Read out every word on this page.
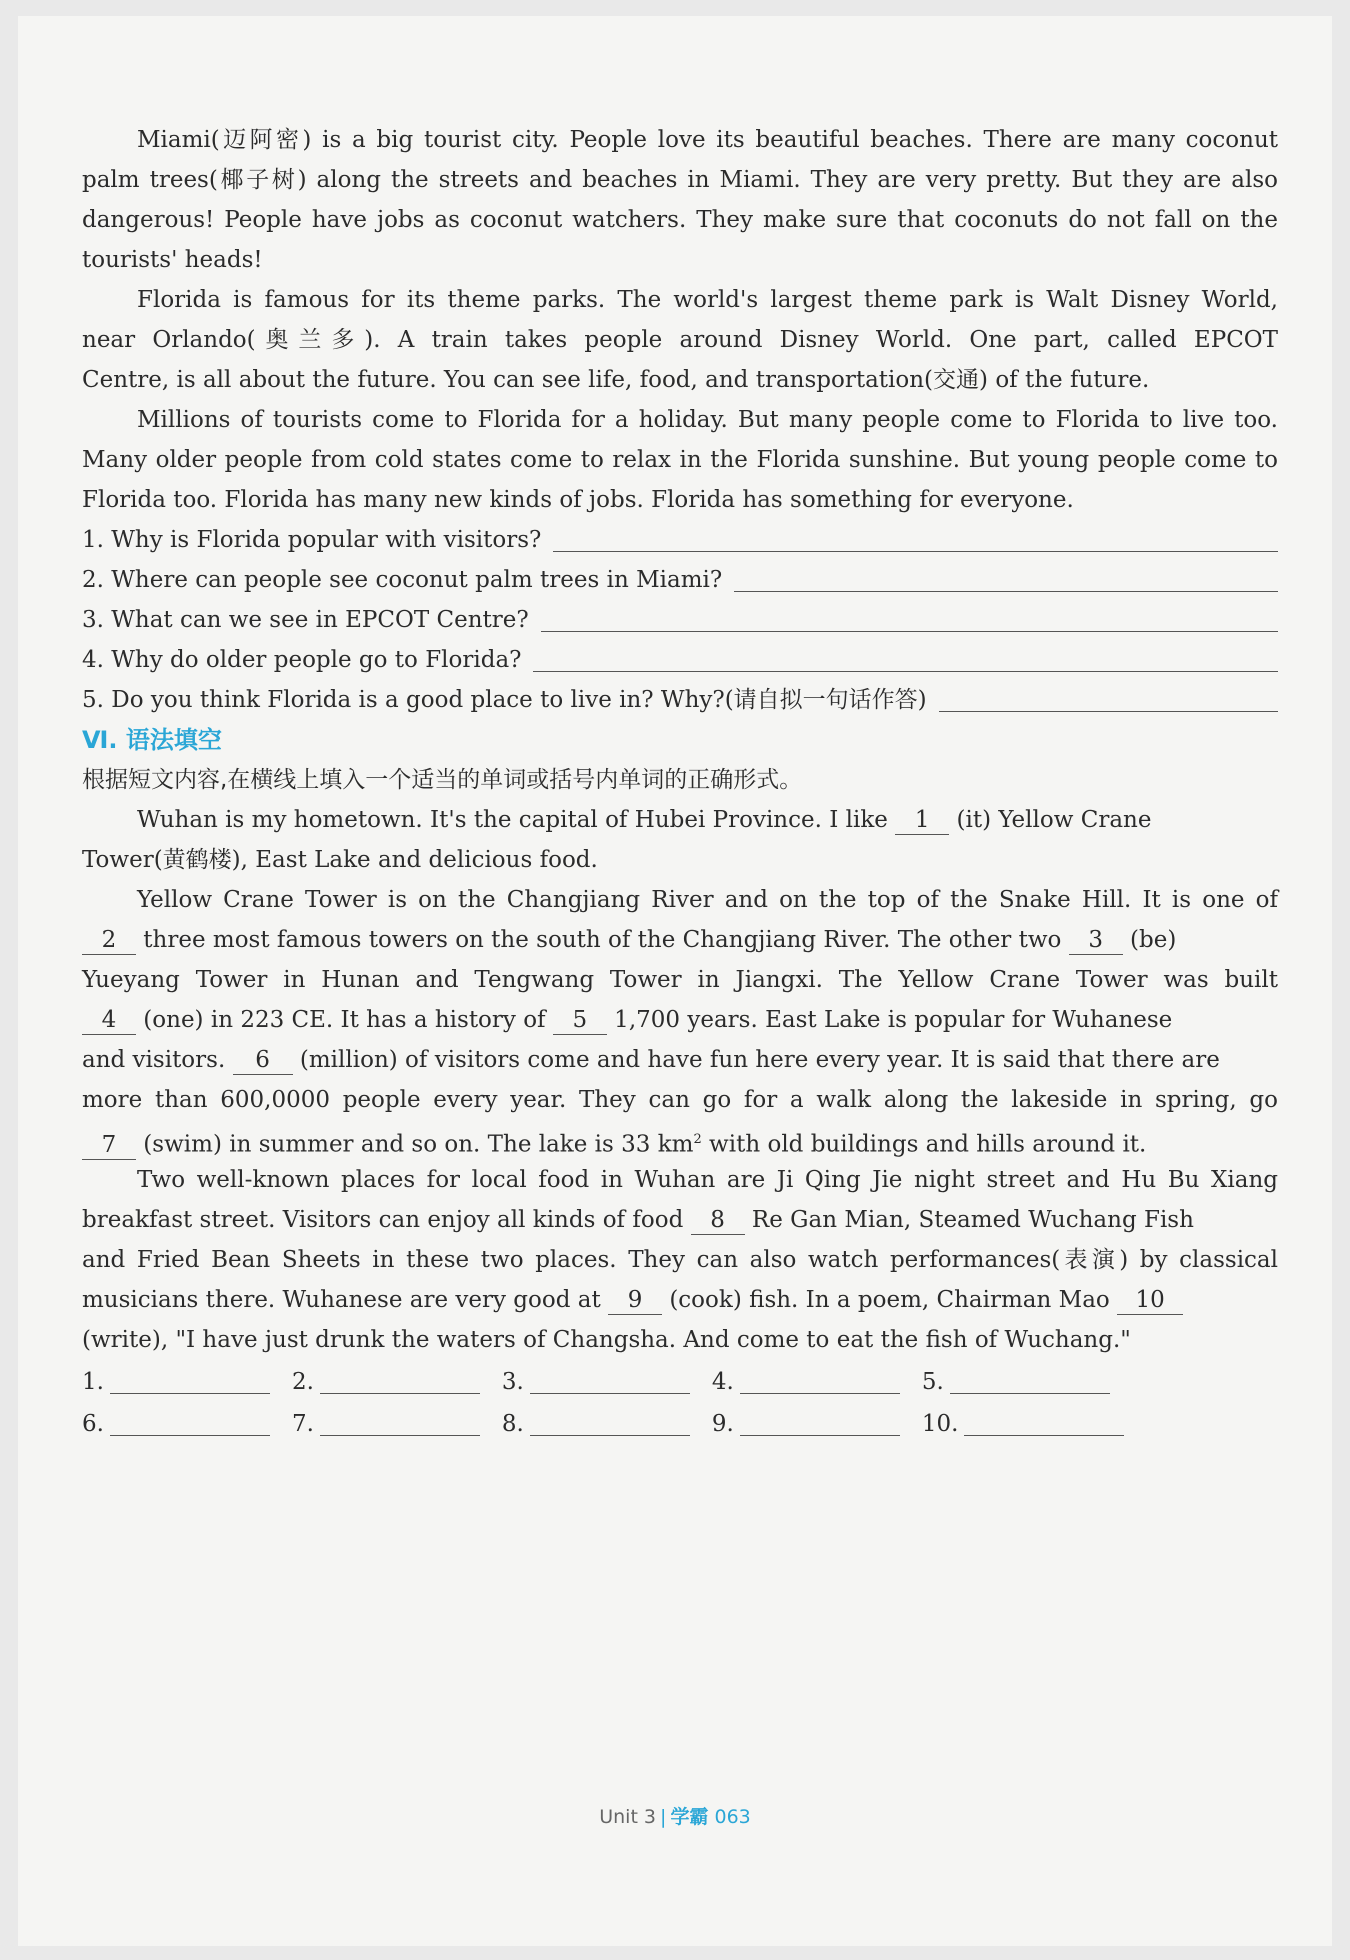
Miami(迈阿密) is a big tourist city. People love its beautiful beaches. There are many coconut
palm trees(椰子树) along the streets and beaches in Miami. They are very pretty. But they are also
dangerous! People have jobs as coconut watchers. They make sure that coconuts do not fall on the
tourists' heads!
Florida is famous for its theme parks. The world's largest theme park is Walt Disney World,
near Orlando(奥兰多). A train takes people around Disney World. One part, called EPCOT
Centre, is all about the future. You can see life, food, and transportation(交通) of the future.
Millions of tourists come to Florida for a holiday. But many people come to Florida to live too.
Many older people from cold states come to relax in the Florida sunshine. But young people come to
Florida too. Florida has many new kinds of jobs. Florida has something for everyone.
1. Why is Florida popular with visitors?
2. Where can people see coconut palm trees in Miami?
3. What can we see in EPCOT Centre?
4. Why do older people go to Florida?
5. Do you think Florida is a good place to live in? Why?(请自拟一句话作答)
Ⅵ. 语法填空
根据短文内容,在横线上填入一个适当的单词或括号内单词的正确形式。
Wuhan is my hometown. It's the capital of Hubei Province. I like 1 (it) Yellow Crane
Tower(黄鹤楼), East Lake and delicious food.
Yellow Crane Tower is on the Changjiang River and on the top of the Snake Hill. It is one of
2 three most famous towers on the south of the Changjiang River. The other two 3 (be)
Yueyang Tower in Hunan and Tengwang Tower in Jiangxi. The Yellow Crane Tower was built
4 (one) in 223 CE. It has a history of 5 1,700 years. East Lake is popular for Wuhanese
and visitors. 6 (million) of visitors come and have fun here every year. It is said that there are
more than 600,0000 people every year. They can go for a walk along the lakeside in spring, go
7 (swim) in summer and so on. The lake is 33 $km^2$ with old buildings and hills around it.
Two well-known places for local food in Wuhan are Ji Qing Jie night street and Hu Bu Xiang
breakfast street. Visitors can enjoy all kinds of food 8 Re Gan Mian, Steamed Wuchang Fish
and Fried Bean Sheets in these two places. They can also watch performances(表演) by classical
musicians there. Wuhanese are very good at 9 (cook) fish. In a poem, Chairman Mao 10
(write), "I have just drunk the waters of Changsha. And come to eat the fish of Wuchang."
1.	2.	3.	4.	5.
6.	7.	8.	9.	10.
Unit 3 | 学霸 063
